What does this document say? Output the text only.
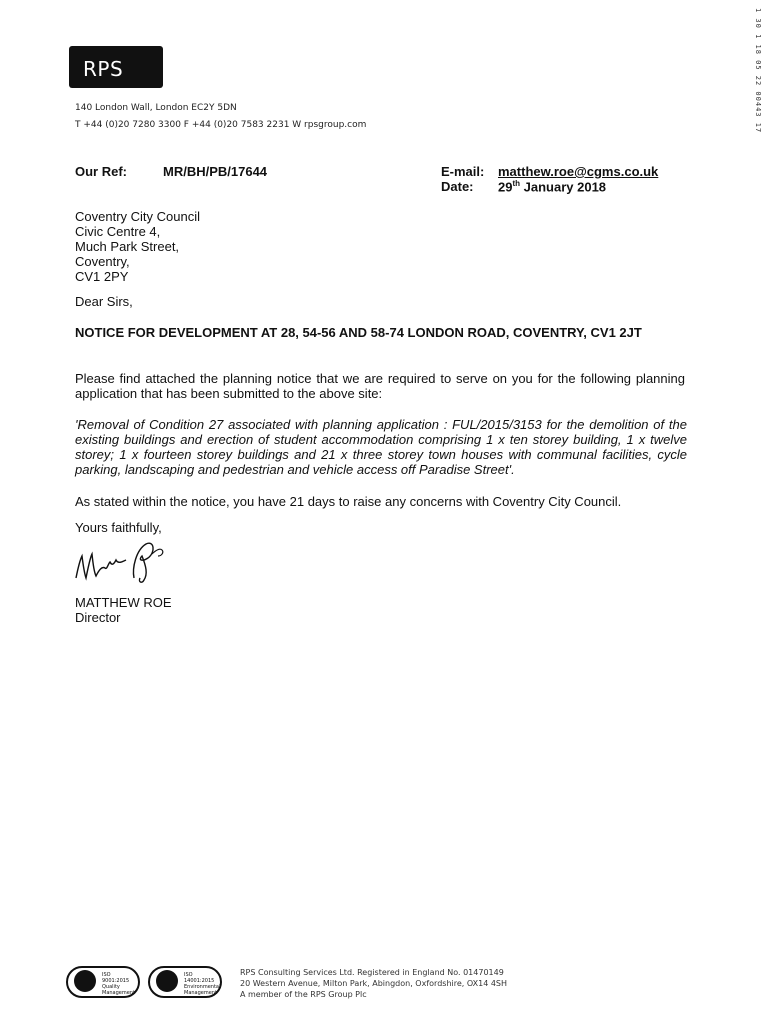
1 30 1 18 05 22 00443 17
RPS
140 London Wall, London EC2Y 5DN
T +44 (0)20 7280 3300 F +44 (0)20 7583 2231 W rpsgroup.com
Our Ref:	MR/BH/PB/17644	E-mail: matthew.roe@cgms.co.uk
Date: 29th January 2018
Coventry City Council
Civic Centre 4,
Much Park Street,
Coventry,
CV1 2PY
Dear Sirs,
NOTICE FOR DEVELOPMENT AT 28, 54-56 AND 58-74 LONDON ROAD, COVENTRY, CV1 2JT
Please find attached the planning notice that we are required to serve on you for the following planning application that has been submitted to the above site:
'Removal of Condition 27 associated with planning application : FUL/2015/3153 for the demolition of the existing buildings and erection of student accommodation comprising 1 x ten storey building, 1 x twelve storey; 1 x fourteen storey buildings and 21 x three storey town houses with communal facilities, cycle parking, landscaping and pedestrian and vehicle access off Paradise Street'.
As stated within the notice, you have 21 days to raise any concerns with Coventry City Council.
Yours faithfully,
MATTHEW ROE
Director
ISO 9001:2015 Quality Management
ISO 14001:2015 Environmental Management
RPS Consulting Services Ltd. Registered in England No. 01470149
20 Western Avenue, Milton Park, Abingdon, Oxfordshire, OX14 4SH
A member of the RPS Group Plc
